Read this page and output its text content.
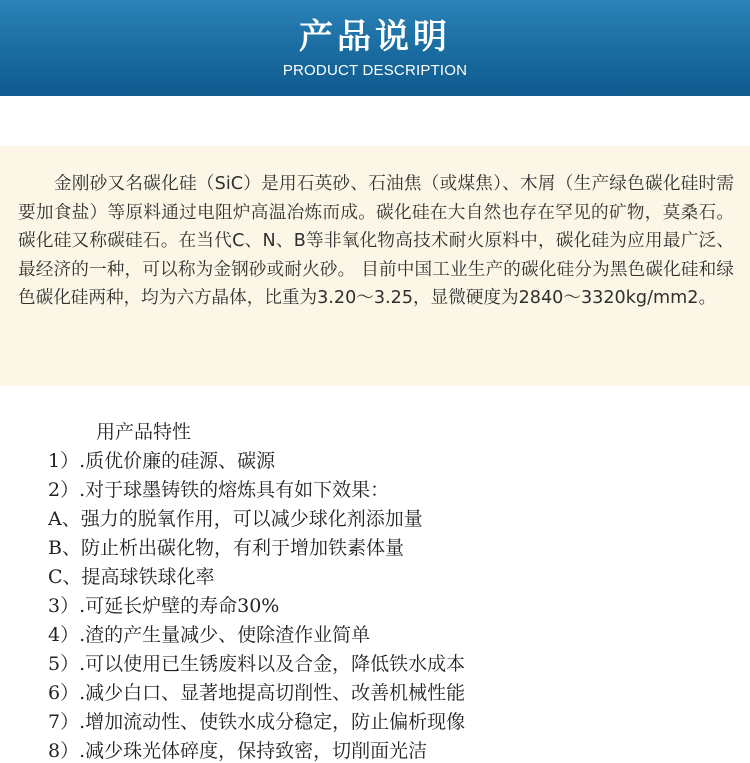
产品说明
PRODUCT DESCRIPTION

金刚砂又名碳化硅（SiC）是用石英砂、石油焦（或煤焦）、木屑（生产绿色碳化硅时需要加食盐）等原料通过电阻炉高温冶炼而成。碳化硅在大自然也存在罕见的矿物，莫桑石。 碳化硅又称碳硅石。在当代C、N、B等非氧化物高技术耐火原料中，碳化硅为应用最广泛、最经济的一种，可以称为金钢砂或耐火砂。 目前中国工业生产的碳化硅分为黑色碳化硅和绿色碳化硅两种，均为六方晶体，比重为3.20～3.25，显微硬度为2840～3320kg/mm2。

用产品特性
1）.质优价廉的硅源、碳源
2）.对于球墨铸铁的熔炼具有如下效果：
A、强力的脱氧作用，可以减少球化剂添加量
B、防止析出碳化物，有利于增加铁素体量
C、提高球铁球化率
3）.可延长炉壁的寿命30%
4）.渣的产生量减少、使除渣作业简单
5）.可以使用已生锈废料以及合金，降低铁水成本
6）.减少白口、显著地提高切削性、改善机械性能
7）.增加流动性、使铁水成分稳定，防止偏析现像
8）.减少珠光体碎度，保持致密，切削面光洁
